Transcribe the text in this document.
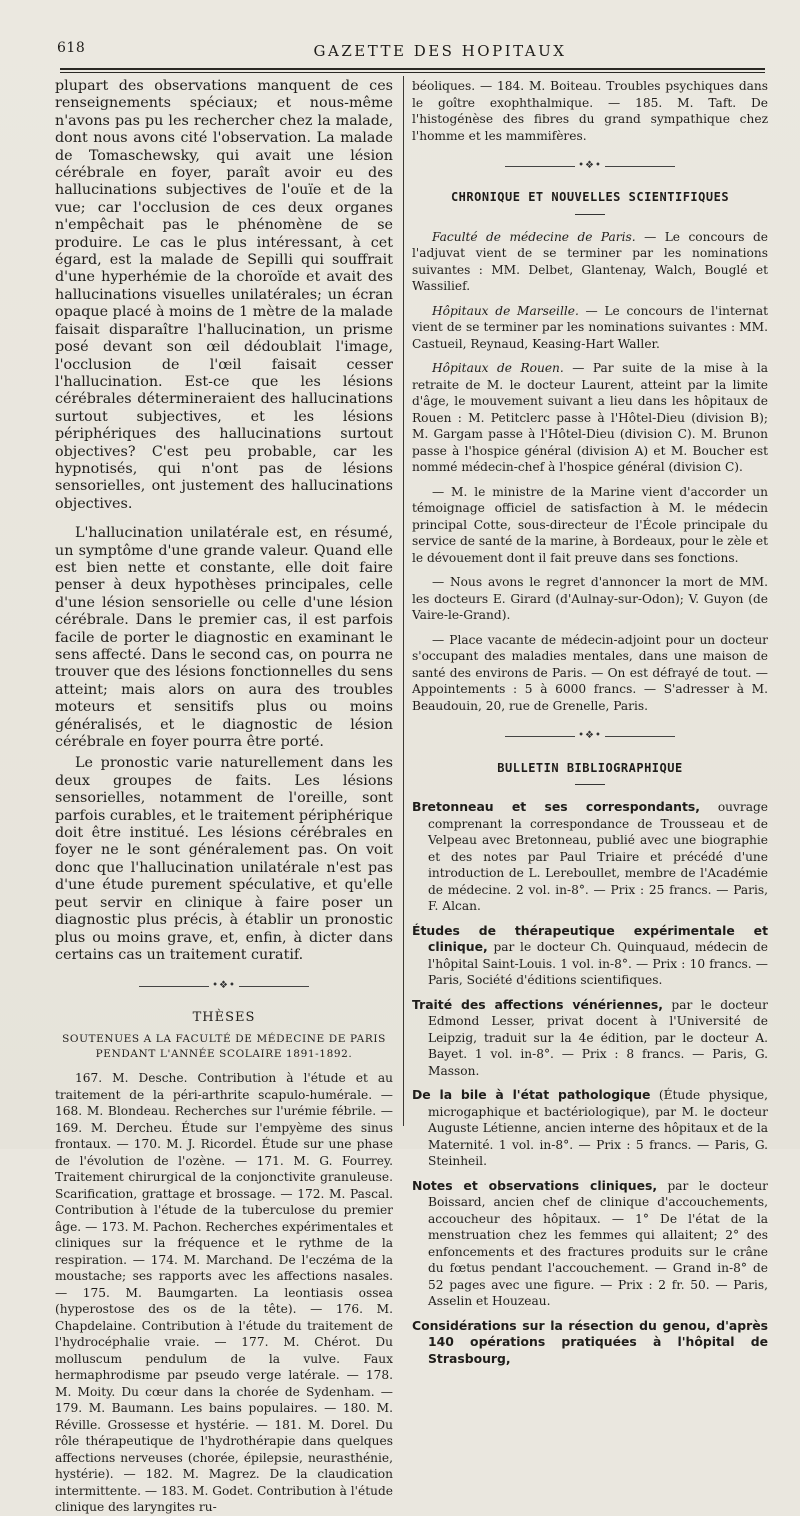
618	GAZETTE DES HOPITAUX

plupart des observations manquent de ces renseignements spéciaux; et nous-même n'avons pas pu les rechercher chez la malade, dont nous avons cité l'observation. La malade de Tomaschewsky, qui avait une lésion cérébrale en foyer, paraît avoir eu des hallucinations subjectives de l'ouïe et de la vue; car l'occlusion de ces deux organes n'empêchait pas le phénomène de se produire. Le cas le plus intéressant, à cet égard, est la malade de Sepilli qui souffrait d'une hyperhémie de la choroïde et avait des hallucinations visuelles unilatérales; un écran opaque placé à moins de 1 mètre de la malade faisait disparaître l'hallucination, un prisme posé devant son œil dédoublait l'image, l'occlusion de l'œil faisait cesser l'hallucination. Est-ce que les lésions cérébrales détermineraient des hallucinations surtout subjectives, et les lésions périphériques des hallucinations surtout objectives? C'est peu probable, car les hypnotisés, qui n'ont pas de lésions sensorielles, ont justement des hallucinations objectives.

L'hallucination unilatérale est, en résumé, un symptôme d'une grande valeur. Quand elle est bien nette et constante, elle doit faire penser à deux hypothèses principales, celle d'une lésion sensorielle ou celle d'une lésion cérébrale. Dans le premier cas, il est parfois facile de porter le diagnostic en examinant le sens affecté. Dans le second cas, on pourra ne trouver que des lésions fonctionnelles du sens atteint; mais alors on aura des troubles moteurs et sensitifs plus ou moins généralisés, et le diagnostic de lésion cérébrale en foyer pourra être porté.

Le pronostic varie naturellement dans les deux groupes de faits. Les lésions sensorielles, notamment de l'oreille, sont parfois curables, et le traitement périphérique doit être institué. Les lésions cérébrales en foyer ne le sont généralement pas. On voit donc que l'hallucination unilatérale n'est pas d'une étude purement spéculative, et qu'elle peut servir en clinique à faire poser un diagnostic plus précis, à établir un pronostic plus ou moins grave, et, enfin, à dicter dans certains cas un traitement curatif.

•❖•
THÈSES
SOUTENUES A LA FACULTÉ DE MÉDECINE DE PARIS
PENDANT L'ANNÉE SCOLAIRE 1891-1892.

167. M. Desche. Contribution à l'étude et au traitement de la péri-arthrite scapulo-humérale. — 168. M. Blondeau. Recherches sur l'urémie fébrile. — 169. M. Dercheu. Étude sur l'empyème des sinus frontaux. — 170. M. J. Ricordel. Étude sur une phase de l'évolution de l'ozène. — 171. M. G. Fourrey. Traitement chirurgical de la conjonctivite granuleuse. Scarification, grattage et brossage. — 172. M. Pascal. Contribution à l'étude de la tuberculose du premier âge. — 173. M. Pachon. Recherches expérimentales et cliniques sur la fréquence et le rythme de la respiration. — 174. M. Marchand. De l'eczéma de la moustache; ses rapports avec les affections nasales. — 175. M. Baumgarten. La leontiasis ossea (hyperostose des os de la tête). — 176. M. Chapdelaine. Contribution à l'étude du traitement de l'hydrocéphalie vraie. — 177. M. Chérot. Du molluscum pendulum de la vulve. Faux hermaphrodisme par pseudo verge latérale. — 178. M. Moity. Du cœur dans la chorée de Sydenham. — 179. M. Baumann. Les bains populaires. — 180. M. Réville. Grossesse et hystérie. — 181. M. Dorel. Du rôle thérapeutique de l'hydrothérapie dans quelques affections nerveuses (chorée, épilepsie, neurasthénie, hystérie). — 182. M. Magrez. De la claudication intermittente. — 183. M. Godet. Contribution à l'étude clinique des laryngites ru-

béoliques. — 184. M. Boiteau. Troubles psychiques dans le goître exophthalmique. — 185. M. Taft. De l'histogénèse des fibres du grand sympathique chez l'homme et les mammifères.

•❖•
CHRONIQUE ET NOUVELLES SCIENTIFIQUES

Faculté de médecine de Paris. — Le concours de l'adjuvat vient de se terminer par les nominations suivantes : MM. Delbet, Glantenay, Walch, Bouglé et Wassilief.

Hôpitaux de Marseille. — Le concours de l'internat vient de se terminer par les nominations suivantes : MM. Castueil, Reynaud, Keasing-Hart Waller.

Hôpitaux de Rouen. — Par suite de la mise à la retraite de M. le docteur Laurent, atteint par la limite d'âge, le mouvement suivant a lieu dans les hôpitaux de Rouen : M. Petitclerc passe à l'Hôtel-Dieu (division B); M. Gargam passe à l'Hôtel-Dieu (division C). M. Brunon passe à l'hospice général (division A) et M. Boucher est nommé médecin-chef à l'hospice général (division C).

— M. le ministre de la Marine vient d'accorder un témoignage officiel de satisfaction à M. le médecin principal Cotte, sous-directeur de l'École principale du service de santé de la marine, à Bordeaux, pour le zèle et le dévouement dont il fait preuve dans ses fonctions.

— Nous avons le regret d'annoncer la mort de MM. les docteurs E. Girard (d'Aulnay-sur-Odon); V. Guyon (de Vaire-le-Grand).

— Place vacante de médecin-adjoint pour un docteur s'occupant des maladies mentales, dans une maison de santé des environs de Paris. — On est défrayé de tout. — Appointements : 5 à 6000 francs. — S'adresser à M. Beaudouin, 20, rue de Grenelle, Paris.

•❖•
BULLETIN BIBLIOGRAPHIQUE

Bretonneau et ses correspondants, ouvrage comprenant la correspondance de Trousseau et de Velpeau avec Bretonneau, publié avec une biographie et des notes par Paul Triaire et précédé d'une introduction de L. Lereboullet, membre de l'Académie de médecine. 2 vol. in-8°. — Prix : 25 francs. — Paris, F. Alcan.

Études de thérapeutique expérimentale et clinique, par le docteur Ch. Quinquaud, médecin de l'hôpital Saint-Louis. 1 vol. in-8°. — Prix : 10 francs. — Paris, Société d'éditions scientifiques.

Traité des affections vénériennes, par le docteur Edmond Lesser, privat docent à l'Université de Leipzig, traduit sur la 4e édition, par le docteur A. Bayet. 1 vol. in-8°. — Prix : 8 francs. — Paris, G. Masson.

De la bile à l'état pathologique (Étude physique, microgaphique et bactériologique), par M. le docteur Auguste Létienne, ancien interne des hôpitaux et de la Maternité. 1 vol. in-8°. — Prix : 5 francs. — Paris, G. Steinheil.

Notes et observations cliniques, par le docteur Boissard, ancien chef de clinique d'accouchements, accoucheur des hôpitaux. — 1° De l'état de la menstruation chez les femmes qui allaitent; 2° des enfoncements et des fractures produits sur le crâne du fœtus pendant l'accouchement. — Grand in-8° de 52 pages avec une figure. — Prix : 2 fr. 50. — Paris, Asselin et Houzeau.

Considérations sur la résection du genou, d'après 140 opérations pratiquées à l'hôpital de Strasbourg,
